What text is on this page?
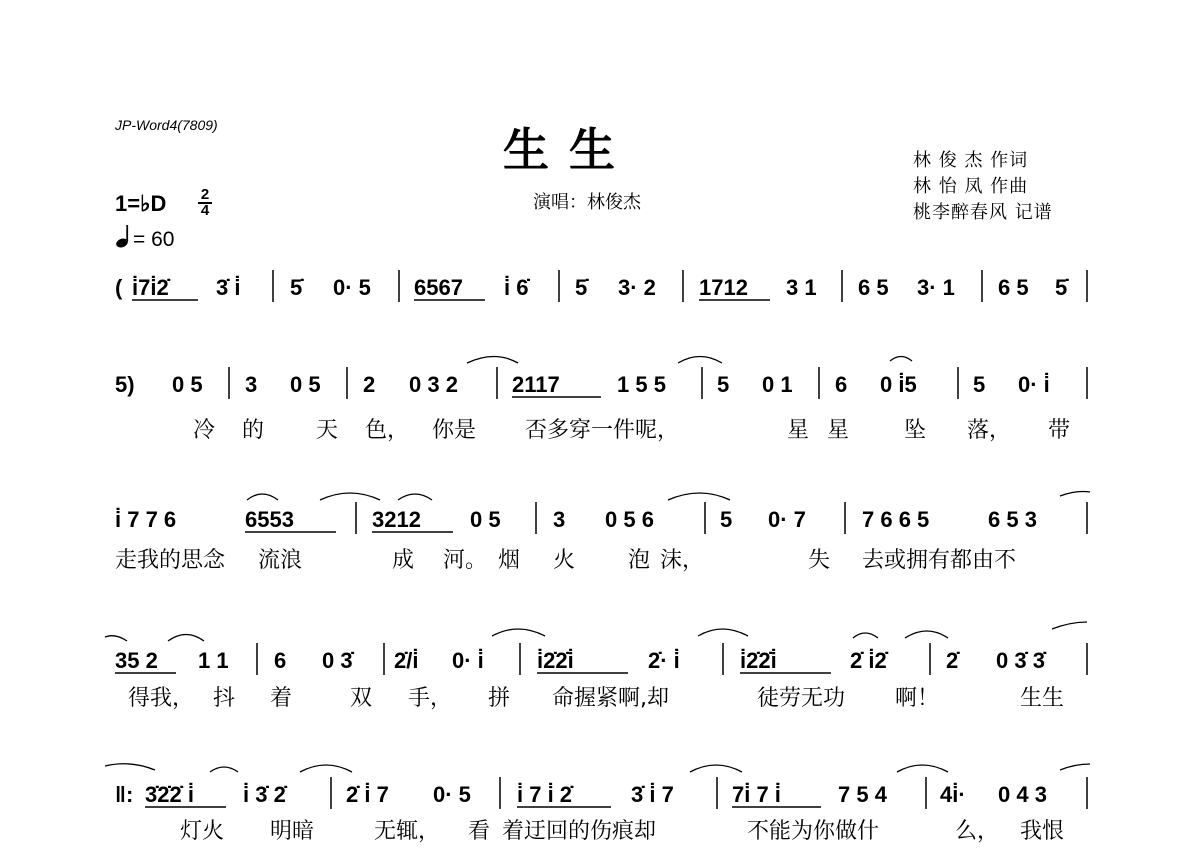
JP-Word4(7809)	生 生
演唱：林俊杰
林 俊 杰 作词
林 怡 凤 作曲
桃李醉春风 记谱
1=♭D 2
4
= 60
( i̇7i̇2̇ 3̇ i̇ 5̇ 0· 5 6567 i̇ 6̇ 5̇ 3· 2 1712 3 1 6 5 3· 1 6 5 5̇
5) 0 5 3 0 5 2 0 3 2 2117	1 5 5 5 0 1 6 0 i̇5	5 0· i̇
冷 的 天 色， 你是 否多穿一件呢，	星 星 坠 落， 带
i̇ 7 7 6	6553	3212 0 5 3 0 5 6	5 0· 7	7 6 6 5	6 5 3
走我的思念 流浪	成 河。 烟 火 泡 沫，	失 去或拥有都由不
35 2 1 1 6 0 3̇ 2̇/i̇ 0· i̇ i̇2̇2̇i̇	2̇· i̇	i̇2̇2̇i̇	2̇ i̇2̇	2̇ 0 3̇ 3̇
得我， 抖 着	双 手， 拼 命握紧啊,却	徒劳无功 啊！	生生
‖: 3̇2̇2̇ i̇ i̇ 3̇ 2̇	2̇ i̇ 7 0· 5 i̇ 7 i̇ 2̇	3̇ i̇ 7	7i̇ 7 i̇	7 5 4 4i̇· 0 4 3
灯火 明暗	无辄， 看 着迂回的伤痕却	不能为你做什	么， 我恨
